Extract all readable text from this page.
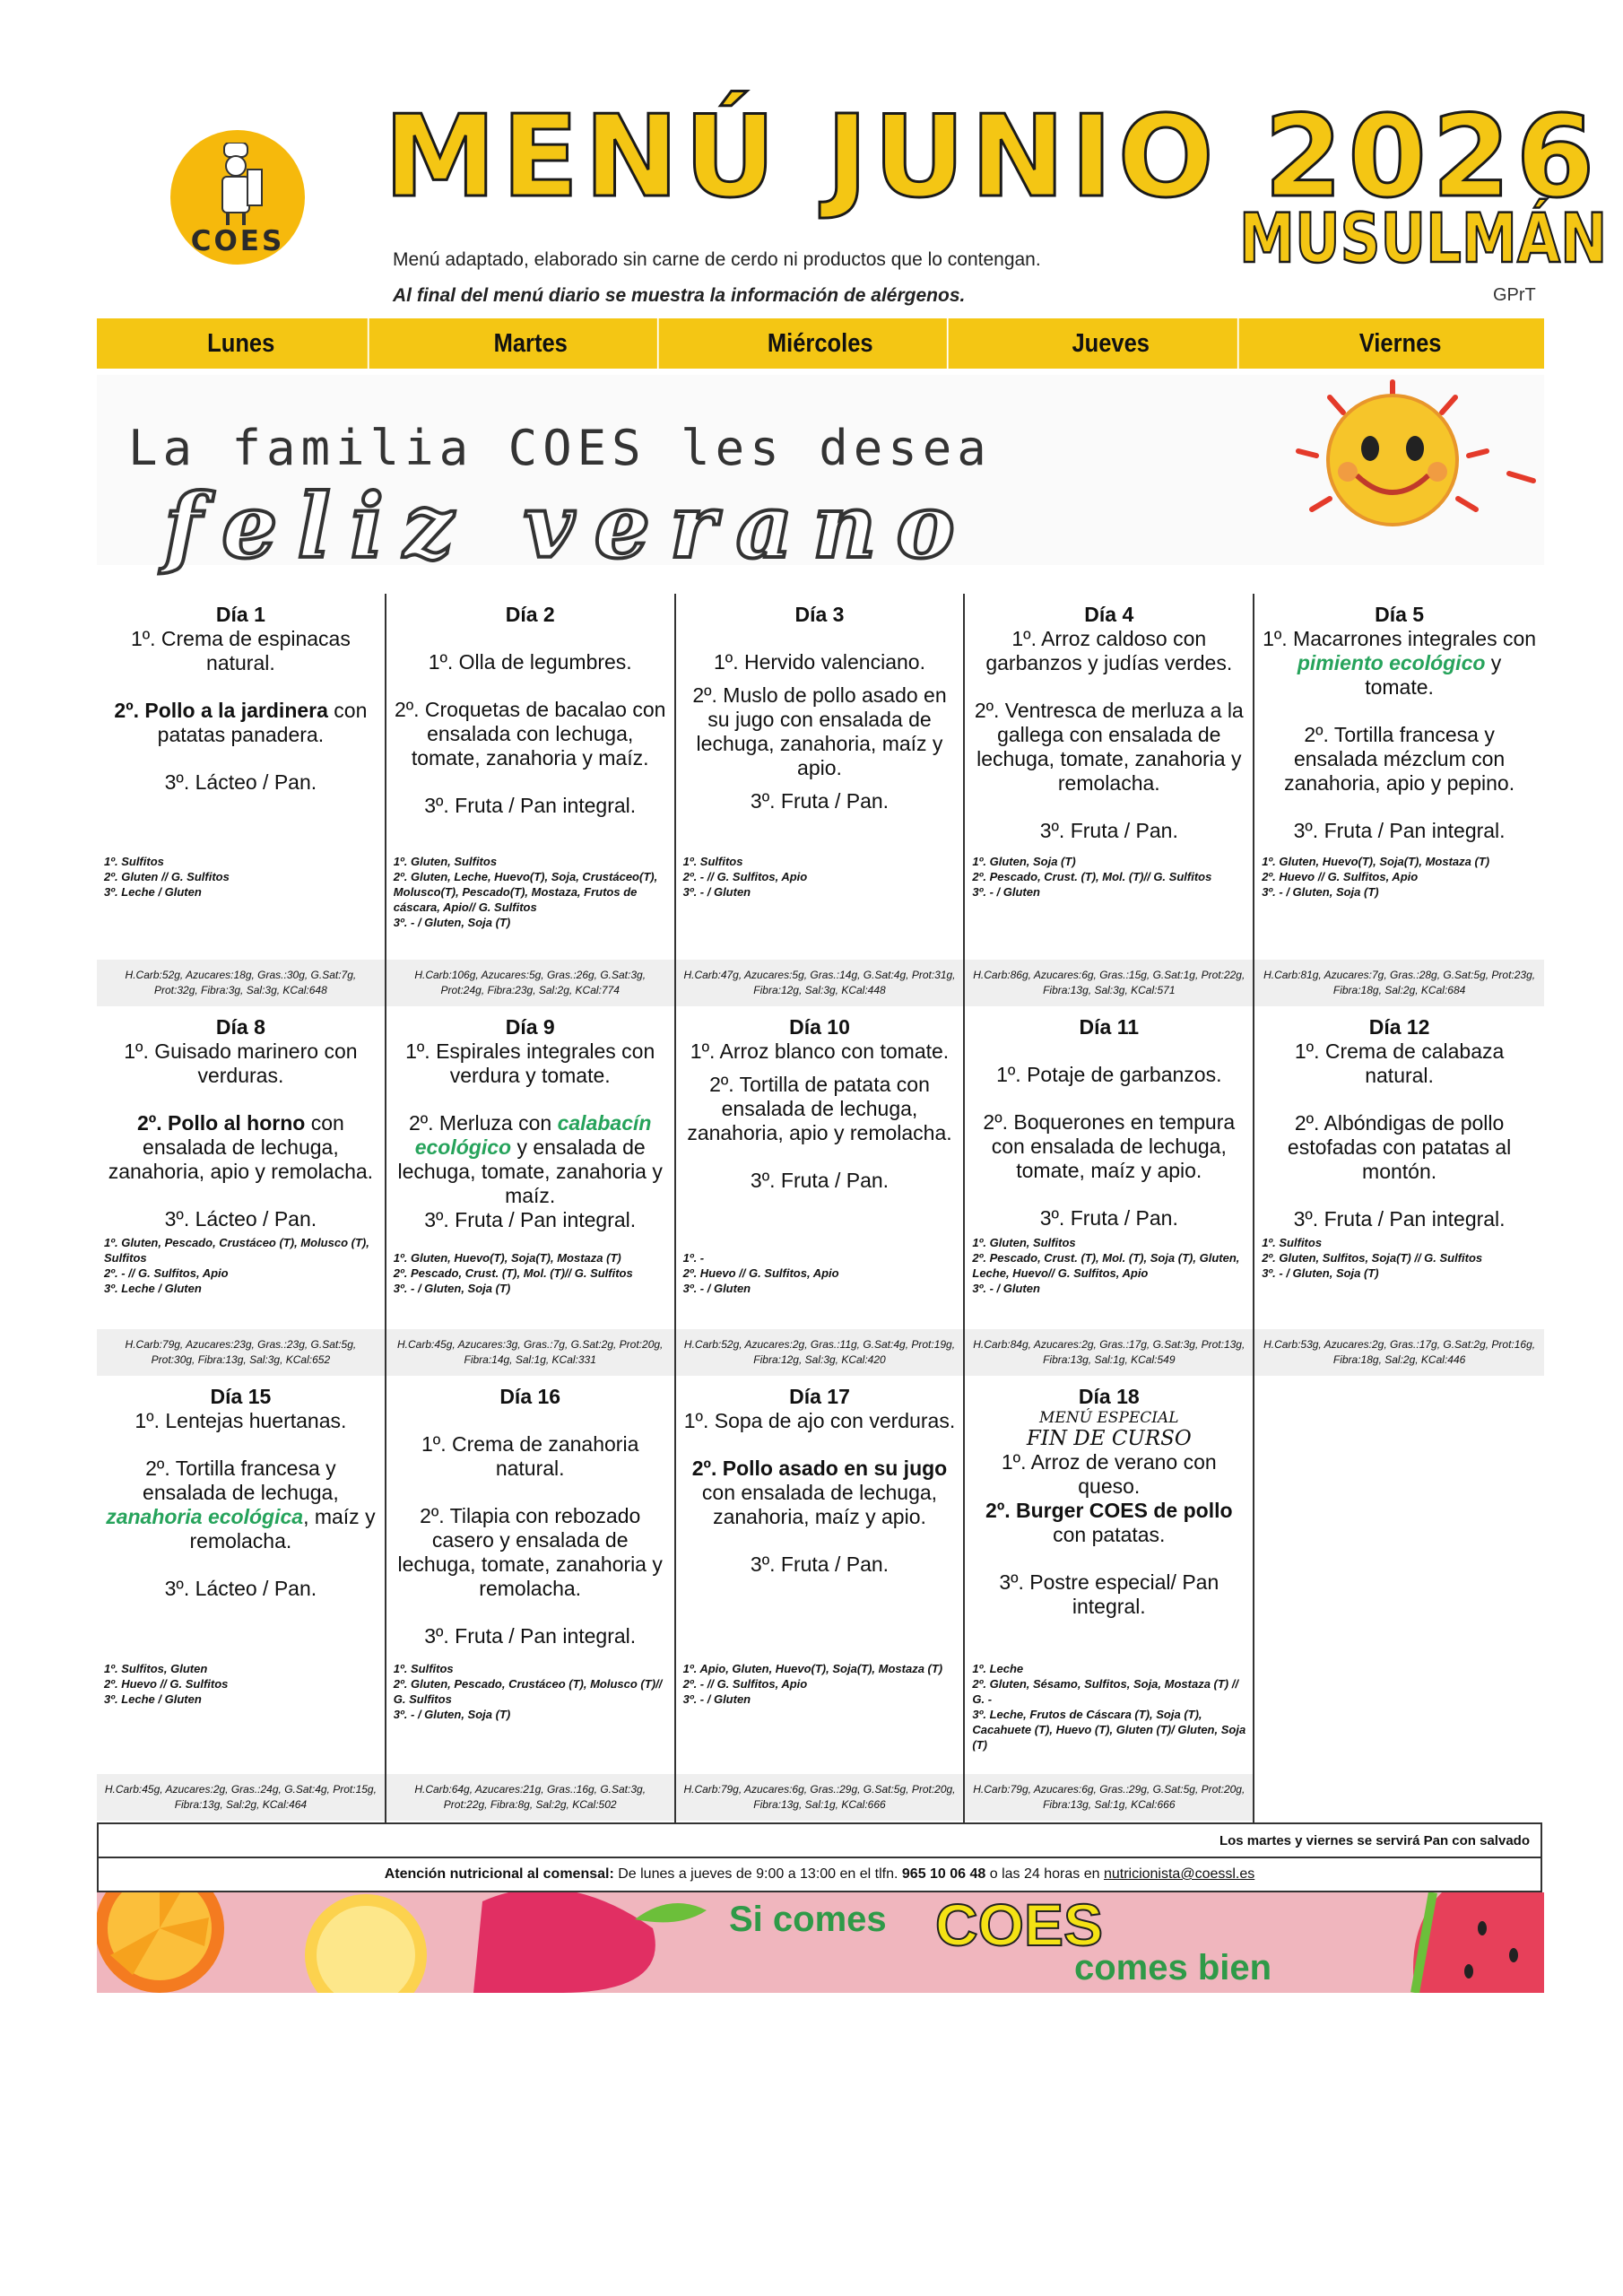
COES
MENÚ JUNIO 2026
MUSULMÁN
Menú adaptado, elaborado sin carne de cerdo ni productos que lo contengan.
Al final del menú diario se muestra la información de alérgenos.	GPrT
Lunes	Martes	Miércoles	Jueves	Viernes
La familia COES les desea
feliz verano
Día 1
1º. Crema de espinacas natural.
2º. Pollo a la jardinera con patatas panadera.
3º. Lácteo / Pan.
1º. Sulfitos
2º. Gluten // G. Sulfitos
3º. Leche / Gluten
H.Carb:52g, Azucares:18g, Gras.:30g, G.Sat:7g, Prot:32g, Fibra:3g, Sal:3g, KCal:648
Día 2
1º. Olla de legumbres.
2º. Croquetas de bacalao con ensalada con lechuga, tomate, zanahoria y maíz.
3º. Fruta / Pan integral.
1º. Gluten, Sulfitos
2º. Gluten, Leche, Huevo(T), Soja, Crustáceo(T), Molusco(T), Pescado(T), Mostaza, Frutos de cáscara, Apio// G. Sulfitos
3º. - / Gluten, Soja (T)
H.Carb:106g, Azucares:5g, Gras.:26g, G.Sat:3g, Prot:24g, Fibra:23g, Sal:2g, KCal:774
Día 3
1º. Hervido valenciano.
2º. Muslo de pollo asado en su jugo con ensalada de lechuga, zanahoria, maíz y apio.
3º. Fruta / Pan.
1º. Sulfitos
2º. - // G. Sulfitos, Apio
3º. - / Gluten
H.Carb:47g, Azucares:5g, Gras.:14g, G.Sat:4g, Prot:31g, Fibra:12g, Sal:3g, KCal:448
Día 4
1º. Arroz caldoso con garbanzos y judías verdes.
2º. Ventresca de merluza a la gallega con ensalada de lechuga, tomate, zanahoria y remolacha.
3º. Fruta / Pan.
1º. Gluten, Soja (T)
2º. Pescado, Crust. (T), Mol. (T)// G. Sulfitos
3º. - / Gluten
H.Carb:86g, Azucares:6g, Gras.:15g, G.Sat:1g, Prot:22g, Fibra:13g, Sal:3g, KCal:571
Día 5
1º. Macarrones integrales con pimiento ecológico y tomate.
2º. Tortilla francesa y ensalada mézclum con zanahoria, apio y pepino.
3º. Fruta / Pan integral.
1º. Gluten, Huevo(T), Soja(T), Mostaza (T)
2º. Huevo // G. Sulfitos, Apio
3º. - / Gluten, Soja (T)
H.Carb:81g, Azucares:7g, Gras.:28g, G.Sat:5g, Prot:23g, Fibra:18g, Sal:2g, KCal:684
Día 8
1º. Guisado marinero con verduras.
2º. Pollo al horno con ensalada de lechuga, zanahoria, apio y remolacha.
3º. Lácteo / Pan.
1º. Gluten, Pescado, Crustáceo (T), Molusco (T), Sulfitos
2º. - // G. Sulfitos, Apio
3º. Leche / Gluten
H.Carb:79g, Azucares:23g, Gras.:23g, G.Sat:5g, Prot:30g, Fibra:13g, Sal:3g, KCal:652
Día 9
1º. Espirales integrales con verdura y tomate.
2º. Merluza con calabacín ecológico y ensalada de lechuga, tomate, zanahoria y maíz.
3º. Fruta / Pan integral.
1º. Gluten, Huevo(T), Soja(T), Mostaza (T)
2º. Pescado, Crust. (T), Mol. (T)// G. Sulfitos
3º. - / Gluten, Soja (T)
H.Carb:45g, Azucares:3g, Gras.:7g, G.Sat:2g, Prot:20g, Fibra:14g, Sal:1g, KCal:331
Día 10
1º. Arroz blanco con tomate.
2º. Tortilla de patata con ensalada de lechuga, zanahoria, apio y remolacha.
3º. Fruta / Pan.
1º. -
2º. Huevo // G. Sulfitos, Apio
3º. - / Gluten
H.Carb:52g, Azucares:2g, Gras.:11g, G.Sat:4g, Prot:19g, Fibra:12g, Sal:3g, KCal:420
Día 11
1º. Potaje de garbanzos.
2º. Boquerones en tempura con ensalada de lechuga, tomate, maíz y apio.
3º. Fruta / Pan.
1º. Gluten, Sulfitos
2º. Pescado, Crust. (T), Mol. (T), Soja (T), Gluten, Leche, Huevo// G. Sulfitos, Apio
3º. - / Gluten
H.Carb:84g, Azucares:2g, Gras.:17g, G.Sat:3g, Prot:13g, Fibra:13g, Sal:1g, KCal:549
Día 12
1º. Crema de calabaza natural.
2º. Albóndigas de pollo estofadas con patatas al montón.
3º. Fruta / Pan integral.
1º. Sulfitos
2º. Gluten, Sulfitos, Soja(T) // G. Sulfitos
3º. - / Gluten, Soja (T)
H.Carb:53g, Azucares:2g, Gras.:17g, G.Sat:2g, Prot:16g, Fibra:18g, Sal:2g, KCal:446
Día 15
1º. Lentejas huertanas.
2º. Tortilla francesa y ensalada de lechuga, zanahoria ecológica, maíz y remolacha.
3º. Lácteo / Pan.
1º. Sulfitos, Gluten
2º. Huevo // G. Sulfitos
3º. Leche / Gluten
H.Carb:45g, Azucares:2g, Gras.:24g, G.Sat:4g, Prot:15g, Fibra:13g, Sal:2g, KCal:464
Día 16
1º. Crema de zanahoria natural.
2º. Tilapia con rebozado casero y ensalada de lechuga, tomate, zanahoria y remolacha.
3º. Fruta / Pan integral.
1º. Sulfitos
2º. Gluten, Pescado, Crustáceo (T), Molusco (T)// G. Sulfitos
3º. - / Gluten, Soja (T)
H.Carb:64g, Azucares:21g, Gras.:16g, G.Sat:3g, Prot:22g, Fibra:8g, Sal:2g, KCal:502
Día 17
1º. Sopa de ajo con verduras.
2º. Pollo asado en su jugo con ensalada de lechuga, zanahoria, maíz y apio.
3º. Fruta / Pan.
1º. Apio, Gluten, Huevo(T), Soja(T), Mostaza (T)
2º. - // G. Sulfitos, Apio
3º. - / Gluten
H.Carb:79g, Azucares:6g, Gras.:29g, G.Sat:5g, Prot:20g, Fibra:13g, Sal:1g, KCal:666
Día 18
MENÚ ESPECIAL
FIN DE CURSO
1º. Arroz de verano con queso.
2º. Burger COES de pollo con patatas.
3º. Postre especial/ Pan integral.
1º. Leche
2º. Gluten, Sésamo, Sulfitos, Soja, Mostaza (T) // G. -
3º. Leche, Frutos de Cáscara (T), Soja (T), Cacahuete (T), Huevo (T), Gluten (T)/ Gluten, Soja (T)
H.Carb:79g, Azucares:6g, Gras.:29g, G.Sat:5g, Prot:20g, Fibra:13g, Sal:1g, KCal:666
Los martes y viernes se servirá Pan con salvado
Atención nutricional al comensal: De lunes a jueves de 9:00 a 13:00 en el tlfn. 965 10 06 48 o las 24 horas en nutricionista@coessl.es
Si comes COES
comes bien
